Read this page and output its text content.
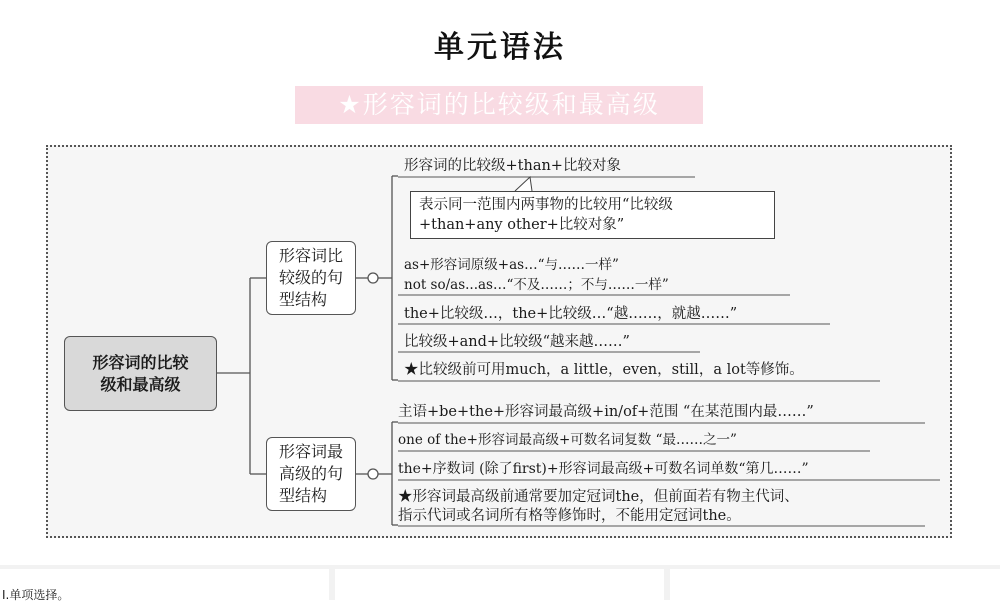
单元语法
★形容词的比较级和最高级
形容词的比较
级和最高级
形容词比
较级的句
型结构
形容词最
高级的句
型结构
形容词的比较级+than+比较对象
表示同一范围内两事物的比较用“比较级
+than+any other+比较对象”
as+形容词原级+as…“与……一样”
not so/as...as…“不及……；不与……一样”
the+比较级…，the+比较级…“越……，就越……”
比较级+and+比较级“越来越……”
★比较级前可用much，a little，even，still，a lot等修饰。
主语+be+the+形容词最高级+in/of+范围 “在某范围内最……”
one of the+形容词最高级+可数名词复数 “最……之一”
the+序数词 (除了first)+形容词最高级+可数名词单数“第几……”
★形容词最高级前通常要加定冠词the，但前面若有物主代词、
指示代词或名词所有格等修饰时，不能用定冠词the。
I.单项选择。
